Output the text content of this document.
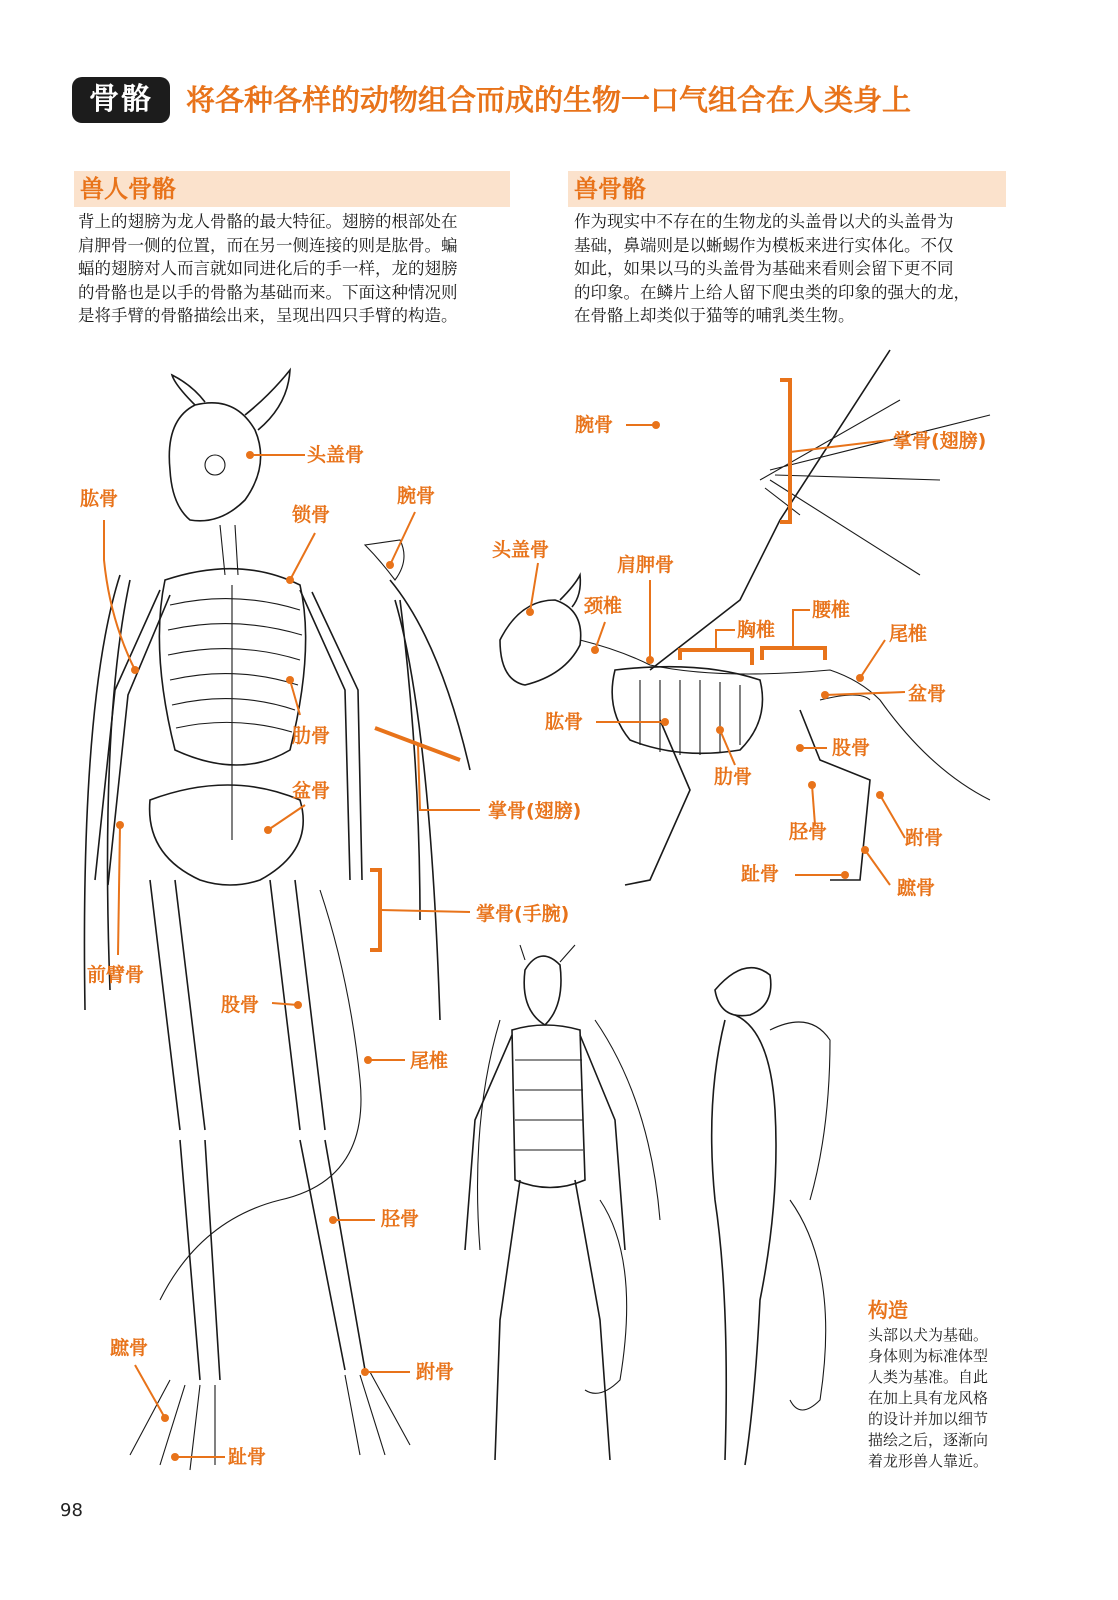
骨骼	将各种各样的动物组合而成的生物一口气组合在人类身上
兽人骨骼
背上的翅膀为龙人骨骼的最大特征。翅膀的根部处在
肩胛骨一侧的位置，而在另一侧连接的则是肱骨。蝙
蝠的翅膀对人而言就如同进化后的手一样，龙的翅膀
的骨骼也是以手的骨骼为基础而来。下面这种情况则
是将手臂的骨骼描绘出来，呈现出四只手臂的构造。
兽骨骼
作为现实中不存在的生物龙的头盖骨以犬的头盖骨为
基础，鼻端则是以蜥蜴作为模板来进行实体化。不仅
如此，如果以马的头盖骨为基础来看则会留下更不同
的印象。在鳞片上给人留下爬虫类的印象的强大的龙，
在骨骼上却类似于猫等的哺乳类生物。
头盖骨
肱骨
锁骨
腕骨
肋骨
盆骨
掌骨(翅膀)
掌骨(手腕)
前臂骨
股骨
尾椎
胫骨
跗骨
蹠骨
趾骨
腕骨
掌骨(翅膀)
头盖骨
肩胛骨
颈椎	腰椎
胸椎	尾椎
盆骨
肱骨
股骨
肋骨
胫骨	跗骨
趾骨
蹠骨
构造
头部以犬为基础。
身体则为标准体型
人类为基准。自此
在加上具有龙风格
的设计并加以细节
描绘之后，逐渐向
着龙形兽人靠近。
98
